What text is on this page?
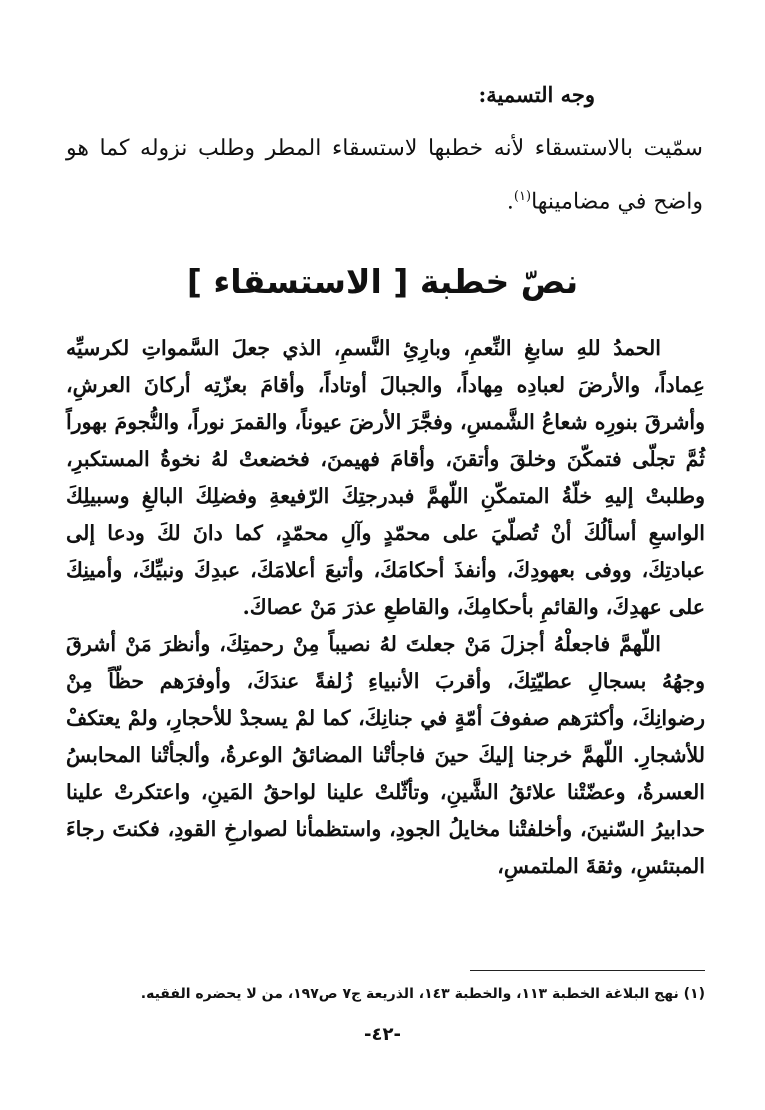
وجه التسمية:

سمّيت بالاستسقاء لأنه خطبها لاستسقاء المطر وطلب نزوله كما هو واضح في مضامينها$^{(١)}$.

نصّ خطبة [ الاستسقاء ]

الحمدُ للهِ سابغِ النِّعمِ، وبارِئِ النَّسمِ، الذي جعلَ السَّمواتِ لكرسيِّه عِماداً، والأرضَ لعبادِه مِهاداً، والجبالَ أوتاداً، وأقامَ بعزّتِه أركانَ العرشِ، وأشرقَ بنورِه شعاعُ الشَّمسِ، وفجَّرَ الأرضَ عيوناً، والقمرَ نوراً، والنُّجومَ بهوراً ثُمَّ تجلّى فتمكّنَ وخلقَ وأتقنَ، وأقامَ فهيمنَ، فخضعتْ لهُ نخوةُ المستكبرِ، وطلبتْ إليهِ خلّةُ المتمكّنِ اللّهمَّ فبدرجتِكَ الرّفيعةِ وفضلِكَ البالغِ وسبيلِكَ الواسعِ أسألُكَ أنْ تُصلّيَ على محمّدٍ وآلِ محمّدٍ، كما دانَ لكَ ودعا إلى عبادتِكَ، ووفى بعهودِكَ، وأنفذَ أحكامَكَ، وأتبعَ أعلامَكَ، عبدِكَ ونبيِّكَ، وأمينِكَ على عهدِكَ، والقائمِ بأحكامِكَ، والقاطعِ عذرَ مَنْ عصاكَ.

اللّهمَّ فاجعلْهُ أجزلَ مَنْ جعلتَ لهُ نصيباً مِنْ رحمتِكَ، وأنظرَ مَنْ أشرقَ وجهُهُ بسجالِ عطيّتِكَ، وأقربَ الأنبياءِ زُلفةً عندَكَ، وأوفرَهم حظّاً مِنْ رضوانِكَ، وأكثرَهم صفوفَ أمّةٍ في جنانِكَ، كما لمْ يسجدْ للأحجارِ، ولمْ يعتكفْ للأشجارِ. اللّهمَّ خرجنا إليكَ حينَ فاجأتْنا المضائقُ الوعرةُ، وألجأتْنا المحابسُ العسرةُ، وعضّتْنا علائقُ الشَّينِ، وتأثّلتْ علينا لواحقُ المَينِ، واعتكرتْ علينا حدابيرُ السّنينَ، وأخلفتْنا مخايلُ الجودِ، واستظمأنا لصوارخِ القودِ، فكنتَ رجاءَ المبتئسِ، وثقةَ الملتمسِ،

(١) نهج البلاغة الخطبة ١١٣، والخطبة ١٤٣، الذريعة ج٧ ص١٩٧، من لا يحضره الفقيه.

-٤٢-
